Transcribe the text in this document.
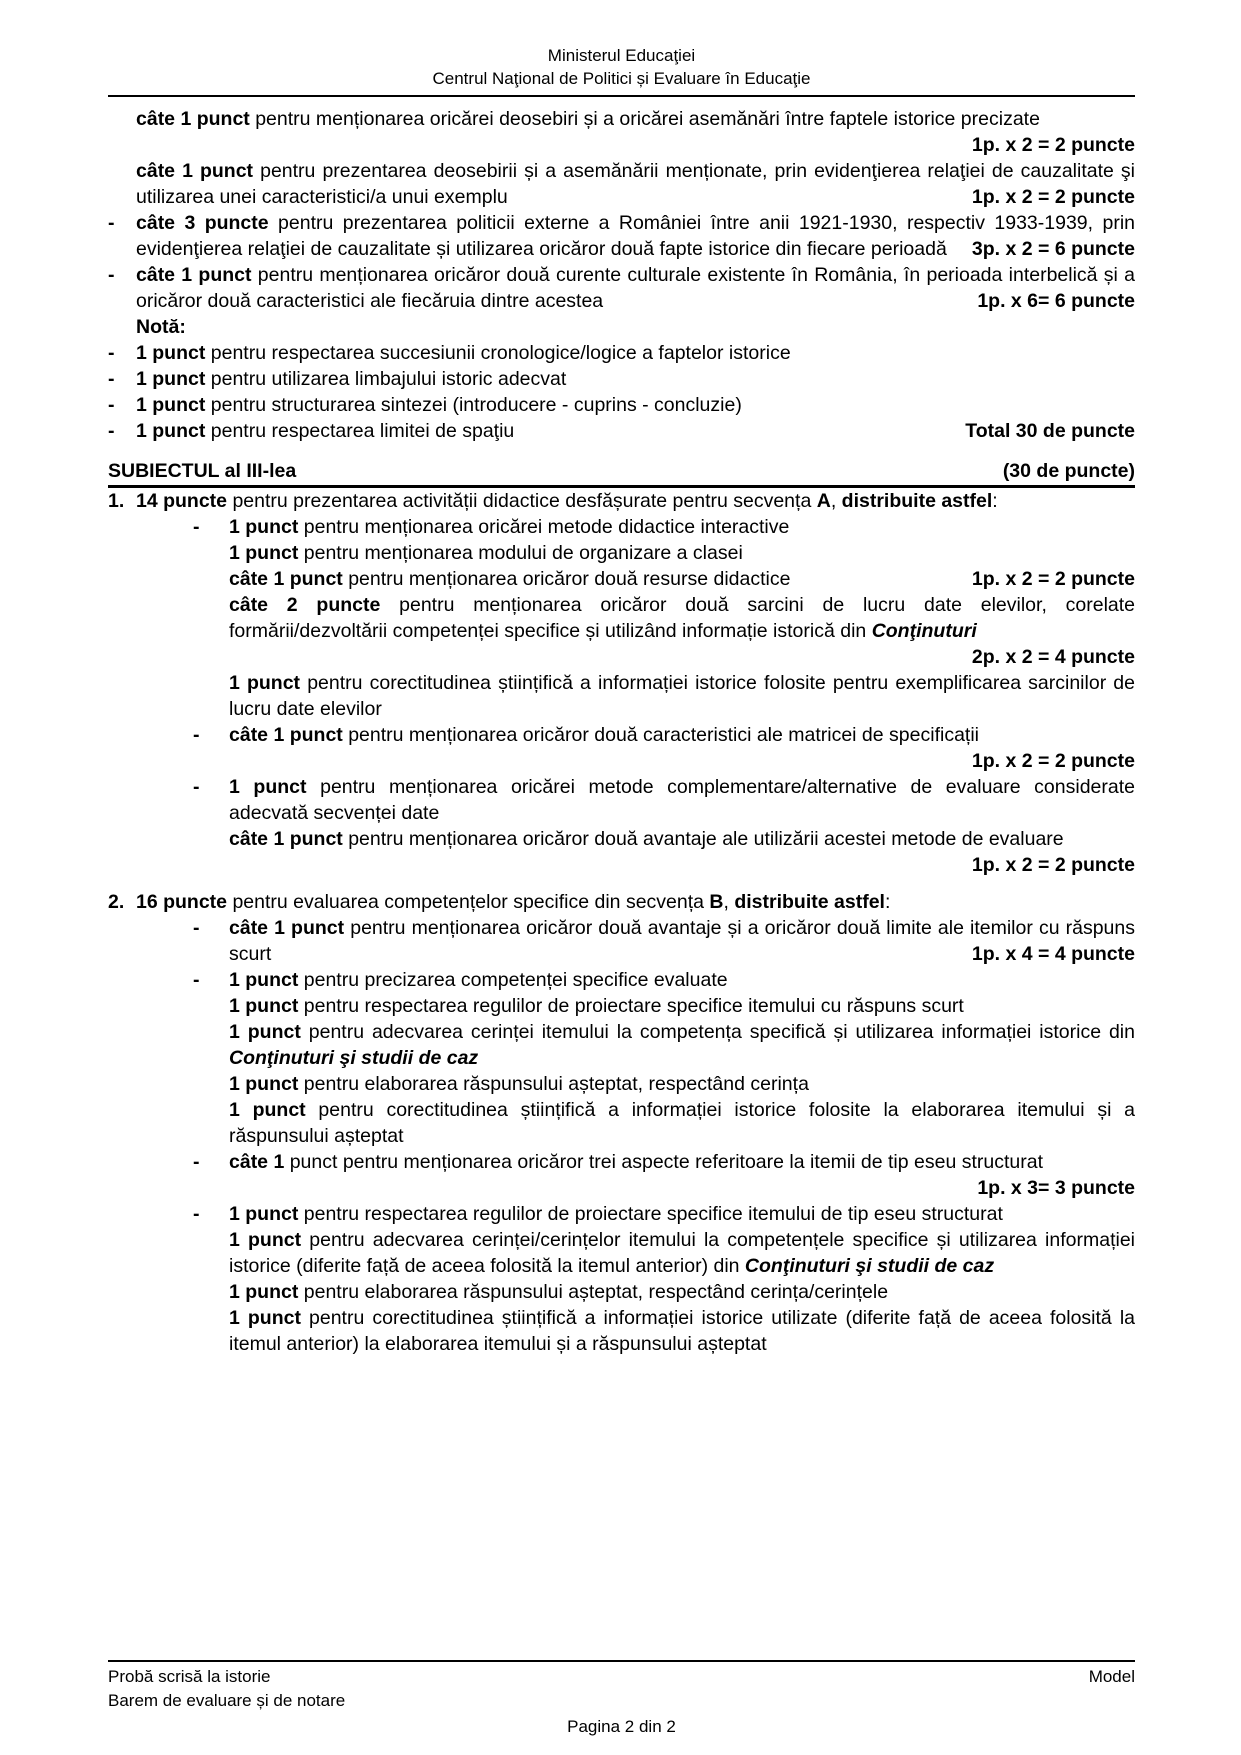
Ministerul Educaţiei
Centrul Naţional de Politici și Evaluare în Educaţie
câte 1 punct pentru menționarea oricărei deosebiri și a oricărei asemănări între faptele istorice precizate
1p. x 2 = 2 puncte
câte 1 punct pentru prezentarea deosebirii și a asemănării menționate, prin evidenţierea relaţiei de cauzalitate şi utilizarea unei caracteristici/a unui exemplu	1p. x 2 = 2 puncte
-	câte 3 puncte pentru prezentarea politicii externe a României între anii 1921-1930, respectiv 1933-1939, prin evidenţierea relaţiei de cauzalitate și utilizarea oricăror două fapte istorice din fiecare perioadă	3p. x 2 = 6 puncte
-	câte 1 punct pentru menționarea oricăror două curente culturale existente în România, în perioada interbelică și a oricăror două caracteristici ale fiecăruia dintre acestea	1p. x 6= 6 puncte
Notă:
-	1 punct pentru respectarea succesiunii cronologice/logice a faptelor istorice
-	1 punct pentru utilizarea limbajului istoric adecvat
-	1 punct pentru structurarea sintezei (introducere - cuprins - concluzie)
-	1 punct pentru respectarea limitei de spaţiu	Total 30 de puncte
SUBIECTUL al III-lea	(30 de puncte)
1. 14 puncte pentru prezentarea activității didactice desfășurate pentru secvența A, distribuite astfel:
-	1 punct pentru menționarea oricărei metode didactice interactive
1 punct pentru menționarea modului de organizare a clasei
câte 1 punct pentru menționarea oricăror două resurse didactice	1p. x 2 = 2 puncte
câte 2 puncte pentru menționarea oricăror două sarcini de lucru date elevilor, corelate formării/dezvoltării competenței specifice și utilizând informație istorică din Conţinuturi
2p. x 2 = 4 puncte
1 punct pentru corectitudinea științifică a informației istorice folosite pentru exemplificarea sarcinilor de lucru date elevilor
-	câte 1 punct pentru menționarea oricăror două caracteristici ale matricei de specificații
1p. x 2 = 2 puncte
-	1 punct pentru menționarea oricărei metode complementare/alternative de evaluare considerate adecvată secvenței date
câte 1 punct pentru menționarea oricăror două avantaje ale utilizării acestei metode de evaluare
1p. x 2 = 2 puncte
2. 16 puncte pentru evaluarea competențelor specifice din secvența B, distribuite astfel:
-	câte 1 punct pentru menționarea oricăror două avantaje și a oricăror două limite ale itemilor cu răspuns scurt	1p. x 4 = 4 puncte
-	1 punct pentru precizarea competenței specifice evaluate
1 punct pentru respectarea regulilor de proiectare specifice itemului cu răspuns scurt
1 punct pentru adecvarea cerinței itemului la competența specifică și utilizarea informației istorice din Conţinuturi şi studii de caz
1 punct pentru elaborarea răspunsului așteptat, respectând cerința
1 punct pentru corectitudinea științifică a informației istorice folosite la elaborarea itemului și a răspunsului așteptat
-	câte 1 punct pentru menționarea oricăror trei aspecte referitoare la itemii de tip eseu structurat
1p. x 3= 3 puncte
-	1 punct pentru respectarea regulilor de proiectare specifice itemului de tip eseu structurat
1 punct pentru adecvarea cerinței/cerințelor itemului la competențele specifice și utilizarea informației istorice (diferite față de aceea folosită la itemul anterior) din Conţinuturi şi studii de caz
1 punct pentru elaborarea răspunsului așteptat, respectând cerința/cerințele
1 punct pentru corectitudinea științifică a informației istorice utilizate (diferite față de aceea folosită la itemul anterior) la elaborarea itemului și a răspunsului așteptat
Probă scrisă la istorie	Model
Barem de evaluare și de notare
Pagina 2 din 2
